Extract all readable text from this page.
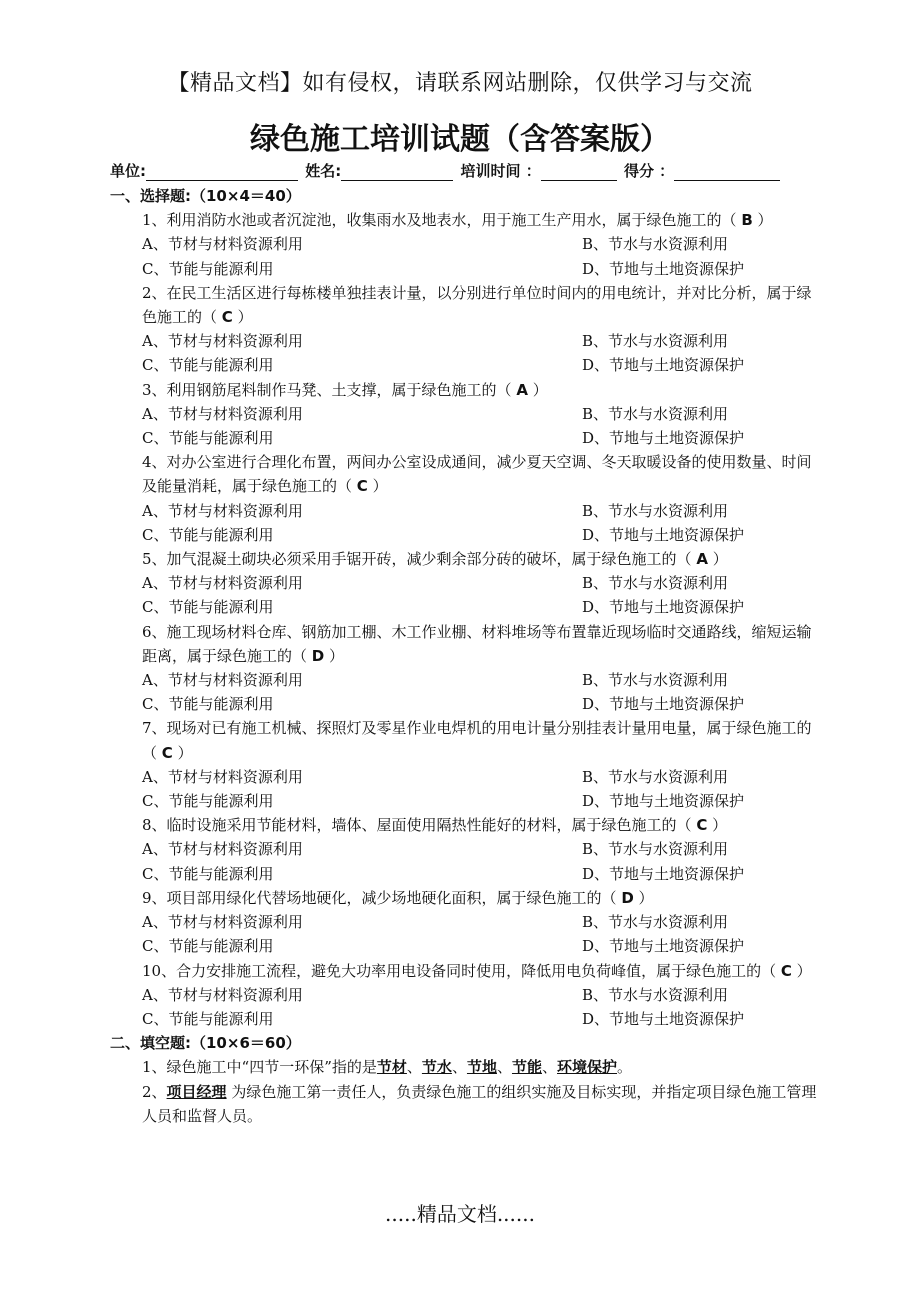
【精品文档】如有侵权，请联系网站删除，仅供学习与交流
绿色施工培训试题（含答案版）
单位:	姓名:	培训时间 ：	得分 ：
一、选择题:（10×4＝40）
1、利用消防水池或者沉淀池，收集雨水及地表水，用于施工生产用水，属于绿色施工的（ B ）
A、节材与材料资源利用	B、节水与水资源利用
C、节能与能源利用	D、节地与土地资源保护
2、在民工生活区进行每栋楼单独挂表计量，以分别进行单位时间内的用电统计，并对比分析，属于绿色施工的（ C ）
A、节材与材料资源利用	B、节水与水资源利用
C、节能与能源利用	D、节地与土地资源保护
3、利用钢筋尾料制作马凳、土支撑，属于绿色施工的（ A ）
A、节材与材料资源利用	B、节水与水资源利用
C、节能与能源利用	D、节地与土地资源保护
4、对办公室进行合理化布置，两间办公室设成通间，减少夏天空调、冬天取暖设备的使用数量、时间及能量消耗，属于绿色施工的（ C ）
A、节材与材料资源利用	B、节水与水资源利用
C、节能与能源利用	D、节地与土地资源保护
5、加气混凝土砌块必须采用手锯开砖，减少剩余部分砖的破坏，属于绿色施工的（ A ）
A、节材与材料资源利用	B、节水与水资源利用
C、节能与能源利用	D、节地与土地资源保护
6、施工现场材料仓库、钢筋加工棚、木工作业棚、材料堆场等布置靠近现场临时交通路线，缩短运输距离，属于绿色施工的（ D ）
A、节材与材料资源利用	B、节水与水资源利用
C、节能与能源利用	D、节地与土地资源保护
7、现场对已有施工机械、探照灯及零星作业电焊机的用电计量分别挂表计量用电量，属于绿色施工的（ C ）
A、节材与材料资源利用	B、节水与水资源利用
C、节能与能源利用	D、节地与土地资源保护
8、临时设施采用节能材料，墙体、屋面使用隔热性能好的材料，属于绿色施工的（ C ）
A、节材与材料资源利用	B、节水与水资源利用
C、节能与能源利用	D、节地与土地资源保护
9、项目部用绿化代替场地硬化，减少场地硬化面积，属于绿色施工的（ D ）
A、节材与材料资源利用	B、节水与水资源利用
C、节能与能源利用	D、节地与土地资源保护
10、合力安排施工流程，避免大功率用电设备同时使用，降低用电负荷峰值，属于绿色施工的（ C ）
A、节材与材料资源利用	B、节水与水资源利用
C、节能与能源利用	D、节地与土地资源保护
二、填空题:（10×6＝60）
1、绿色施工中“四节一环保”指的是节材、节水、节地、节能、环境保护。
2、项目经理 为绿色施工第一责任人，负责绿色施工的组织实施及目标实现，并指定项目绿色施工管理人员和监督人员。
.....精品文档......
